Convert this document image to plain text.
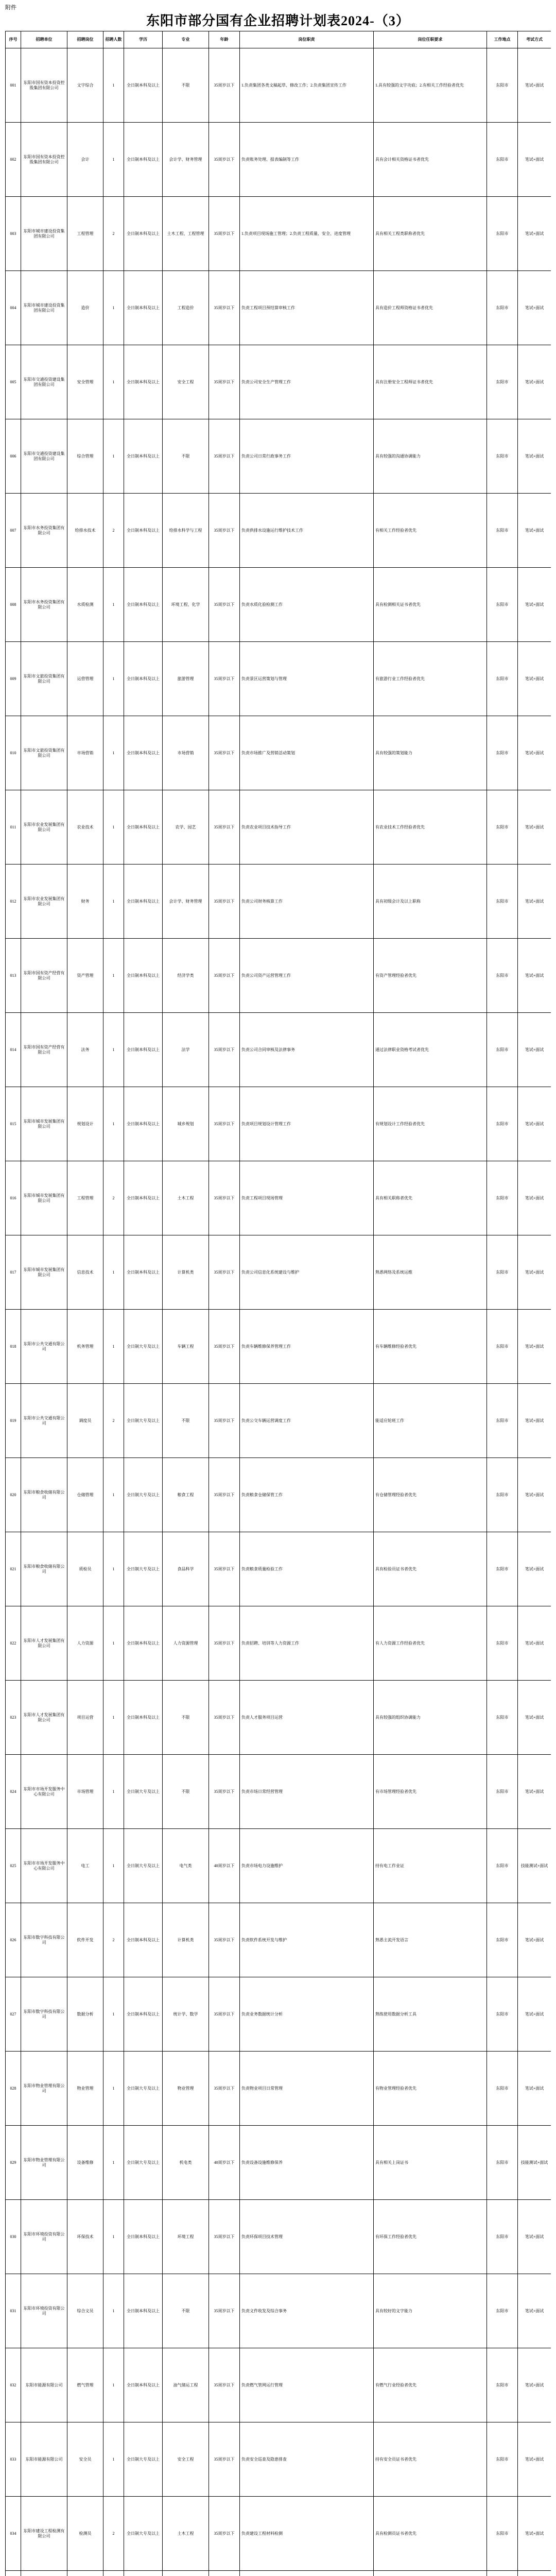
附件
东阳市部分国有企业招聘计划表2024-（3）
序号	招聘单位	招聘岗位	招聘人数	学历	专业	年龄	岗位职责	岗位任职要求	工作地点	考试方式
001	东阳市国有资本投资控股集团有限公司	文字综合	1	全日制本科及以上	不限	35周岁以下	1.负责集团各类文稿起草、修改工作；2.负责集团宣传工作	1.具有较强的文字功底；2.有相关工作经验者优先	东阳市	笔试+面试
002	东阳市国有资本投资控股集团有限公司	会计	1	全日制本科及以上	会计学、财务管理	35周岁以下	负责账务处理、报表编制等工作	具有会计相关资格证书者优先	东阳市	笔试+面试
003	东阳市城市建设投资集团有限公司	工程管理	2	全日制本科及以上	土木工程、工程管理	35周岁以下	1.负责项目现场施工管理；2.负责工程质量、安全、进度管理	具有相关工程类职称者优先	东阳市	笔试+面试
004	东阳市城市建设投资集团有限公司	造价	1	全日制本科及以上	工程造价	35周岁以下	负责工程项目预结算审核工作	具有造价工程师资格证书者优先	东阳市	笔试+面试
005	东阳市交通投资建设集团有限公司	安全管理	1	全日制本科及以上	安全工程	35周岁以下	负责公司安全生产管理工作	具有注册安全工程师证书者优先	东阳市	笔试+面试
006	东阳市交通投资建设集团有限公司	综合管理	1	全日制本科及以上	不限	35周岁以下	负责公司日常行政事务工作	具有较强的沟通协调能力	东阳市	笔试+面试
007	东阳市水务投资集团有限公司	给排水技术	2	全日制本科及以上	给排水科学与工程	35周岁以下	负责供排水设施运行维护技术工作	有相关工作经验者优先	东阳市	笔试+面试
008	东阳市水务投资集团有限公司	水质检测	1	全日制本科及以上	环境工程、化学	35周岁以下	负责水质化验检测工作	具有检测相关证书者优先	东阳市	笔试+面试
009	东阳市文旅投资集团有限公司	运营管理	1	全日制本科及以上	旅游管理	35周岁以下	负责景区运营策划与管理	有旅游行业工作经验者优先	东阳市	笔试+面试
010	东阳市文旅投资集团有限公司	市场营销	1	全日制本科及以上	市场营销	35周岁以下	负责市场推广及营销活动策划	具有较强的策划能力	东阳市	笔试+面试
011	东阳市农业发展集团有限公司	农业技术	1	全日制本科及以上	农学、园艺	35周岁以下	负责农业项目技术指导工作	有农业技术工作经验者优先	东阳市	笔试+面试
012	东阳市农业发展集团有限公司	财务	1	全日制本科及以上	会计学、财务管理	35周岁以下	负责公司财务核算工作	具有初级会计及以上职称	东阳市	笔试+面试
013	东阳市国有资产经营有限公司	资产管理	1	全日制本科及以上	经济学类	35周岁以下	负责公司资产运营管理工作	有资产管理经验者优先	东阳市	笔试+面试
014	东阳市国有资产经营有限公司	法务	1	全日制本科及以上	法学	35周岁以下	负责公司合同审核及法律事务	通过法律职业资格考试者优先	东阳市	笔试+面试
015	东阳市城市发展集团有限公司	规划设计	1	全日制本科及以上	城乡规划	35周岁以下	负责项目规划设计管理工作	有规划设计工作经验者优先	东阳市	笔试+面试
016	东阳市城市发展集团有限公司	工程管理	2	全日制本科及以上	土木工程	35周岁以下	负责工程项目现场管理	具有相关职称者优先	东阳市	笔试+面试
017	东阳市城市发展集团有限公司	信息技术	1	全日制本科及以上	计算机类	35周岁以下	负责公司信息化系统建设与维护	熟悉网络及系统运维	东阳市	笔试+面试
018	东阳市公共交通有限公司	机务管理	1	全日制大专及以上	车辆工程	35周岁以下	负责车辆维修保养管理工作	有车辆维修经验者优先	东阳市	笔试+面试
019	东阳市公共交通有限公司	调度员	2	全日制大专及以上	不限	35周岁以下	负责公交车辆运营调度工作	能适应轮班工作	东阳市	笔试+面试
020	东阳市粮食收储有限公司	仓储管理	1	全日制大专及以上	粮食工程	35周岁以下	负责粮食仓储保管工作	有仓储管理经验者优先	东阳市	笔试+面试
021	东阳市粮食收储有限公司	质检员	1	全日制大专及以上	食品科学	35周岁以下	负责粮食质量检验工作	具有检验员证书者优先	东阳市	笔试+面试
022	东阳市人才发展集团有限公司	人力资源	1	全日制本科及以上	人力资源管理	35周岁以下	负责招聘、培训等人力资源工作	有人力资源工作经验者优先	东阳市	笔试+面试
023	东阳市人才发展集团有限公司	项目运营	1	全日制本科及以上	不限	35周岁以下	负责人才服务项目运营	具有较强的组织协调能力	东阳市	笔试+面试
024	东阳市市场开发服务中心有限公司	市场管理	1	全日制大专及以上	不限	35周岁以下	负责市场日常经营管理	有市场管理经验者优先	东阳市	笔试+面试
025	东阳市市场开发服务中心有限公司	电工	1	全日制大专及以上	电气类	40周岁以下	负责市场电力设施维护	持有电工作业证	东阳市	技能测试+面试
026	东阳市数字科技有限公司	软件开发	2	全日制本科及以上	计算机类	35周岁以下	负责软件系统开发与维护	熟悉主流开发语言	东阳市	笔试+面试
027	东阳市数字科技有限公司	数据分析	1	全日制本科及以上	统计学、数学	35周岁以下	负责业务数据统计分析	熟练使用数据分析工具	东阳市	笔试+面试
028	东阳市物业管理有限公司	物业管理	1	全日制大专及以上	物业管理	35周岁以下	负责物业项目日常管理	有物业管理经验者优先	东阳市	笔试+面试
029	东阳市物业管理有限公司	设备维修	1	全日制大专及以上	机电类	40周岁以下	负责设备设施维修保养	具有相关上岗证书	东阳市	技能测试+面试
030	东阳市环境投资有限公司	环保技术	1	全日制本科及以上	环境工程	35周岁以下	负责环保项目技术管理	有环保工作经验者优先	东阳市	笔试+面试
031	东阳市环境投资有限公司	综合文员	1	全日制本科及以上	不限	35周岁以下	负责文件收发及综合事务	具有较好的文字能力	东阳市	笔试+面试
032	东阳市能源有限公司	燃气管理	1	全日制本科及以上	油气储运工程	35周岁以下	负责燃气管网运行管理	有燃气行业经验者优先	东阳市	笔试+面试
033	东阳市能源有限公司	安全员	1	全日制大专及以上	安全工程	35周岁以下	负责安全巡查及隐患排查	持有安全员证书者优先	东阳市	笔试+面试
034	东阳市建设工程检测有限公司	检测员	2	全日制大专及以上	土木工程	35周岁以下	负责建设工程材料检测	具有检测员证书者优先	东阳市	笔试+面试
